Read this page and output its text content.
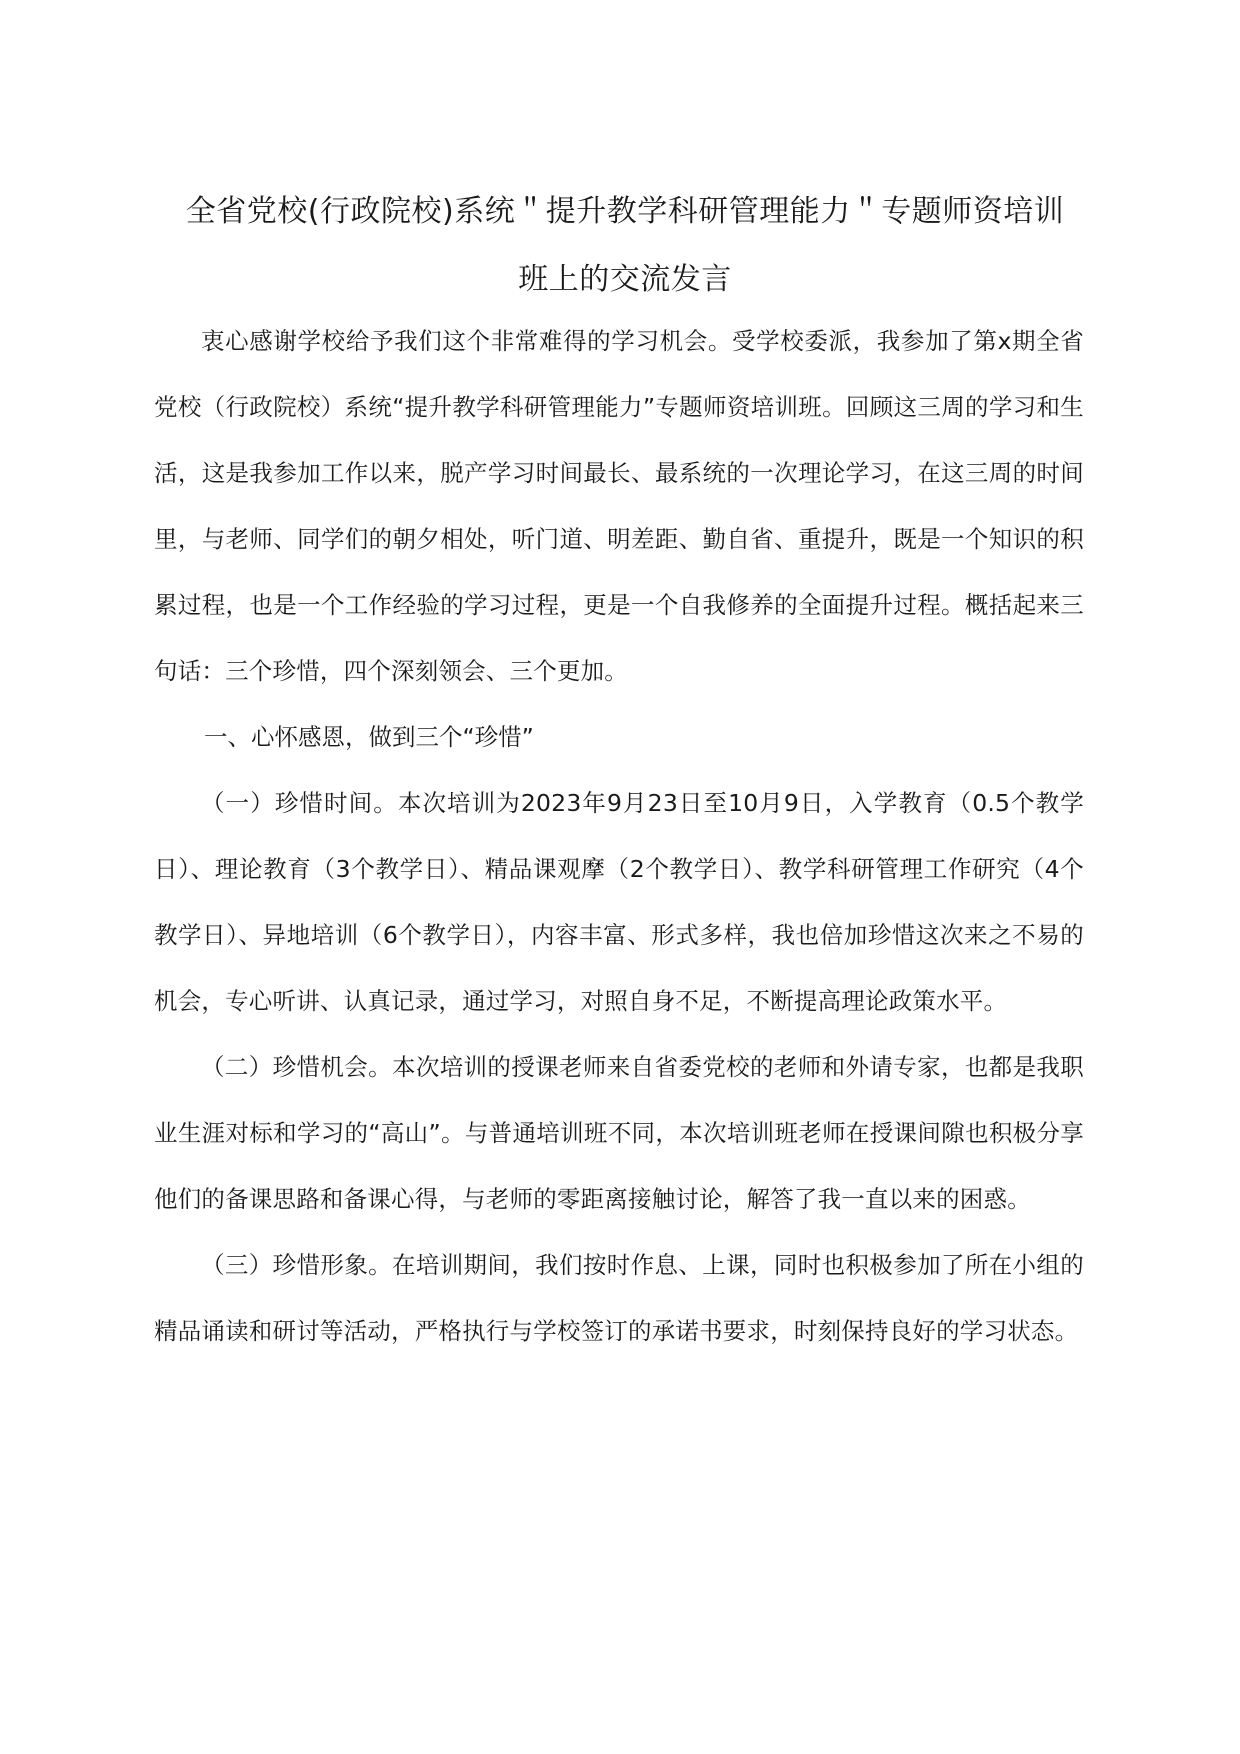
全省党校(行政院校)系统＂提升教学科研管理能力＂专题师资培训
班上的交流发言

衷心感谢学校给予我们这个非常难得的学习机会。受学校委派，我参加了第x期全省党校（行政院校）系统“提升教学科研管理能力”专题师资培训班。回顾这三周的学习和生活，这是我参加工作以来，脱产学习时间最长、最系统的一次理论学习，在这三周的时间里，与老师、同学们的朝夕相处，听门道、明差距、勤自省、重提升，既是一个知识的积累过程，也是一个工作经验的学习过程，更是一个自我修养的全面提升过程。概括起来三句话：三个珍惜，四个深刻领会、三个更加。

一、心怀感恩，做到三个“珍惜”

（一）珍惜时间。本次培训为2023年9月23日至10月9日，入学教育（0.5个教学日）、理论教育（3个教学日）、精品课观摩（2个教学日）、教学科研管理工作研究（4个教学日）、异地培训（6个教学日），内容丰富、形式多样，我也倍加珍惜这次来之不易的机会，专心听讲、认真记录，通过学习，对照自身不足，不断提高理论政策水平。

（二）珍惜机会。本次培训的授课老师来自省委党校的老师和外请专家，也都是我职业生涯对标和学习的“高山”。与普通培训班不同，本次培训班老师在授课间隙也积极分享他们的备课思路和备课心得，与老师的零距离接触讨论，解答了我一直以来的困惑。

（三）珍惜形象。在培训期间，我们按时作息、上课，同时也积极参加了所在小组的精品诵读和研讨等活动，严格执行与学校签订的承诺书要求，时刻保持良好的学习状态。
